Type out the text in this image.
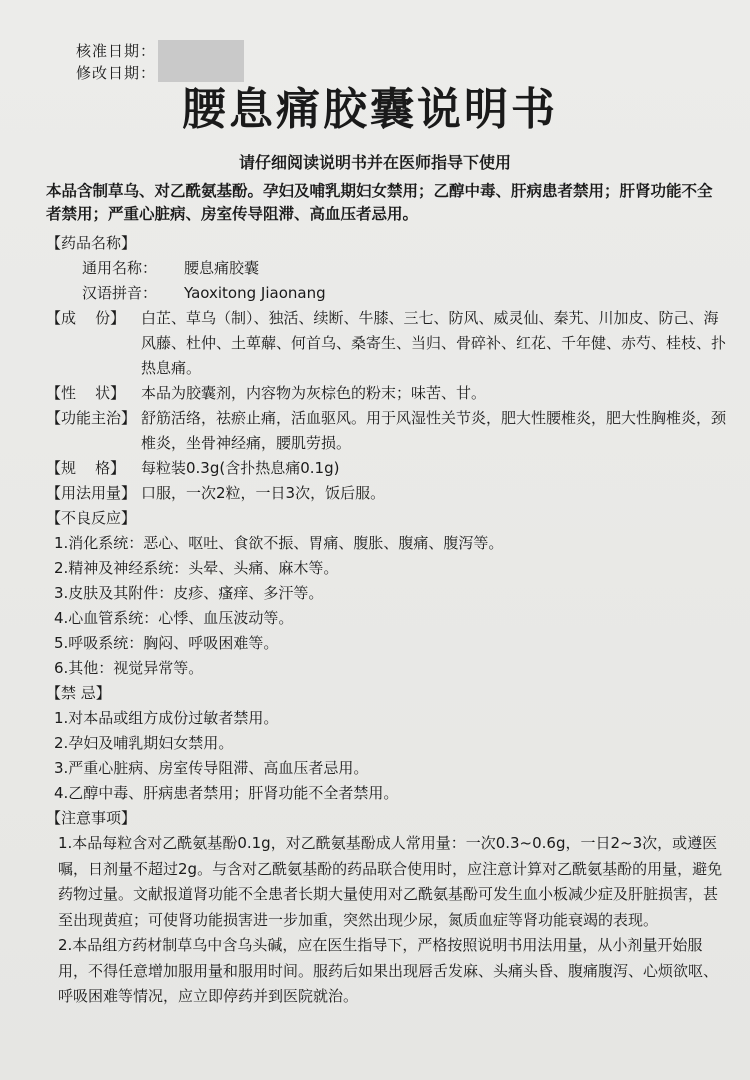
核准日期：
修改日期：
腰息痛胶囊说明书
请仔细阅读说明书并在医师指导下使用
本品含制草乌、对乙酰氨基酚。孕妇及哺乳期妇女禁用；乙醇中毒、肝病患者禁用；肝肾功能不全者禁用；严重心脏病、房室传导阻滞、高血压者忌用。
【药品名称】
通用名称：	腰息痛胶囊
汉语拼音：	Yaoxitong Jiaonang
【成    份】	白芷、草乌（制）、独活、续断、牛膝、三七、防风、威灵仙、秦艽、川加皮、防己、海风藤、杜仲、土萆薢、何首乌、桑寄生、当归、骨碎补、红花、千年健、赤芍、桂枝、扑热息痛。
【性    状】	本品为胶囊剂，内容物为灰棕色的粉末；味苦、甘。
【功能主治】 舒筋活络，祛瘀止痛，活血驱风。用于风湿性关节炎，肥大性腰椎炎，肥大性胸椎炎，颈椎炎，坐骨神经痛，腰肌劳损。
【规    格】	每粒装0.3g(含扑热息痛0.1g)
【用法用量】 口服，一次2粒，一日3次，饭后服。
【不良反应】
1.消化系统：恶心、呕吐、食欲不振、胃痛、腹胀、腹痛、腹泻等。
2.精神及神经系统：头晕、头痛、麻木等。
3.皮肤及其附件：皮疹、瘙痒、多汗等。
4.心血管系统：心悸、血压波动等。
5.呼吸系统：胸闷、呼吸困难等。
6.其他：视觉异常等。
【禁 忌】
1.对本品或组方成份过敏者禁用。
2.孕妇及哺乳期妇女禁用。
3.严重心脏病、房室传导阻滞、高血压者忌用。
4.乙醇中毒、肝病患者禁用；肝肾功能不全者禁用。
【注意事项】
1.本品每粒含对乙酰氨基酚0.1g，对乙酰氨基酚成人常用量：一次0.3~0.6g，一日2~3次，或遵医嘱，日剂量不超过2g。与含对乙酰氨基酚的药品联合使用时，应注意计算对乙酰氨基酚的用量，避免药物过量。文献报道肾功能不全患者长期大量使用对乙酰氨基酚可发生血小板减少症及肝脏损害，甚至出现黄疸；可使肾功能损害进一步加重，突然出现少尿，氮质血症等肾功能衰竭的表现。
2.本品组方药材制草乌中含乌头碱，应在医生指导下，严格按照说明书用法用量，从小剂量开始服用，不得任意增加服用量和服用时间。服药后如果出现唇舌发麻、头痛头昏、腹痛腹泻、心烦欲呕、呼吸困难等情况，应立即停药并到医院就治。
